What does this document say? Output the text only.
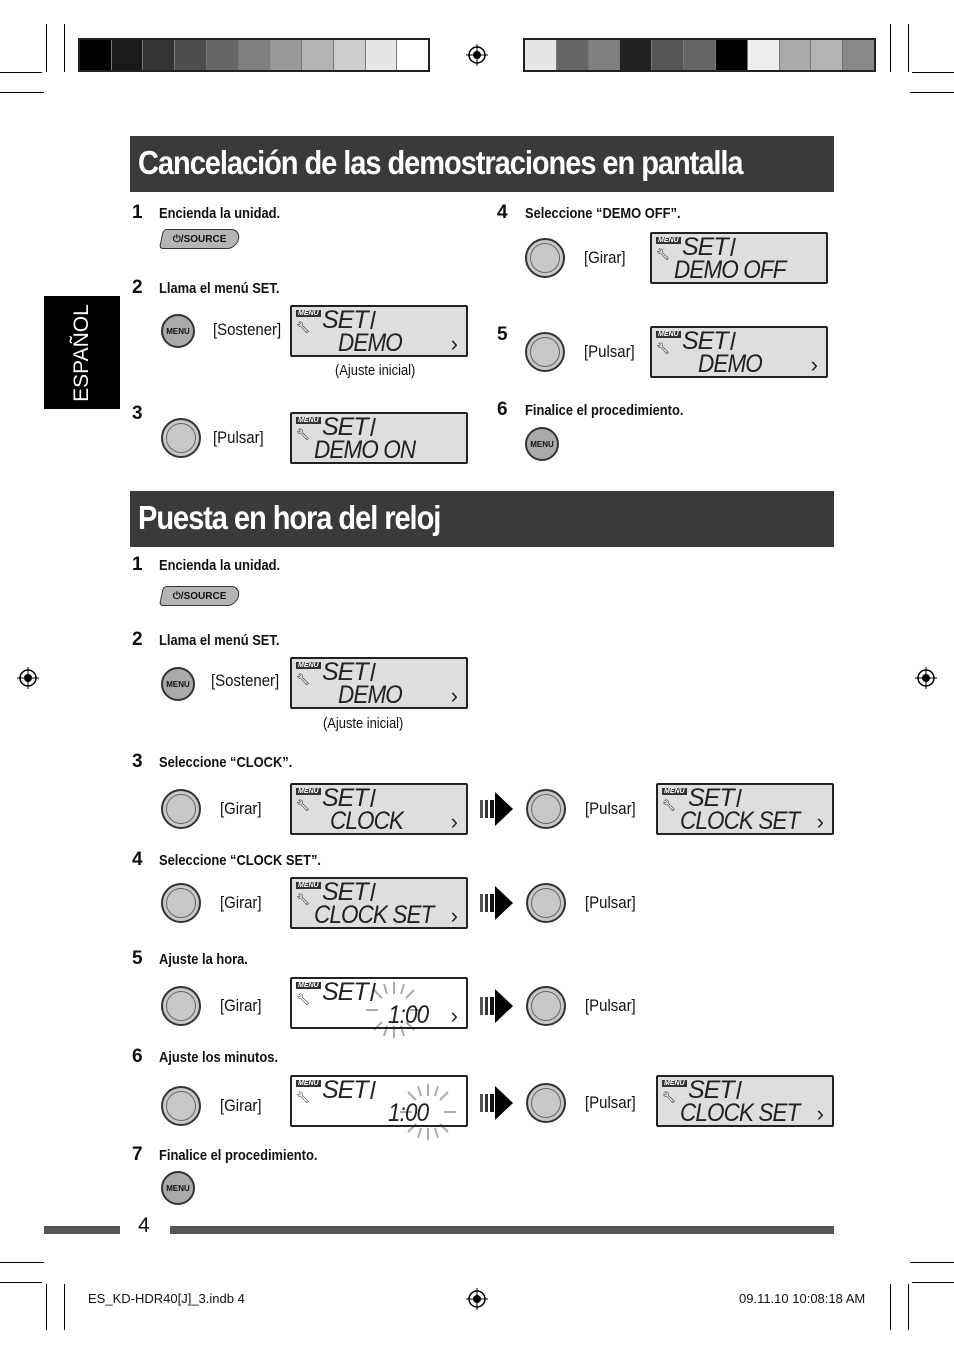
ESPAÑOL
Cancelación de las demostraciones en pantalla
1 Encienda la unidad.
⏻/SOURCE
2 Llama el menú SET.
MENU [Sostener]
MENU
🔧︎ SET
DEMO ›
(Ajuste inicial)
3
[Pulsar]
MENU
🔧︎ SET
DEMO ON
4 Seleccione “DEMO OFF”.
[Girar]
MENU
🔧︎ SET
DEMO OFF
5
[Pulsar]
MENU
🔧︎ SET
DEMO ›
6 Finalice el procedimiento.
MENU
Puesta en hora del reloj
1 Encienda la unidad.
⏻/SOURCE
2 Llama el menú SET.
MENU [Sostener]
MENU
🔧︎ SET
DEMO ›
(Ajuste inicial)
3 Seleccione “CLOCK”.
[Girar]
MENU
🔧︎ SET
CLOCK ›
[Pulsar]
MENU
🔧︎ SET
CLOCK SET ›
4 Seleccione “CLOCK SET”.
[Girar]
MENU
🔧︎ SET
CLOCK SET ›
[Pulsar]
5 Ajuste la hora.
[Girar]
MENU
🔧︎ SET
1:00 ›	[Pulsar]
6 Ajuste los minutos.
[Girar]
MENU
🔧︎ SET
1:00	[Pulsar]
MENU
🔧︎ SET
CLOCK SET ›
7 Finalice el procedimiento.
MENU
4
ES_KD-HDR40[J]_3.indb 4	09.11.10 10:08:18 AM
